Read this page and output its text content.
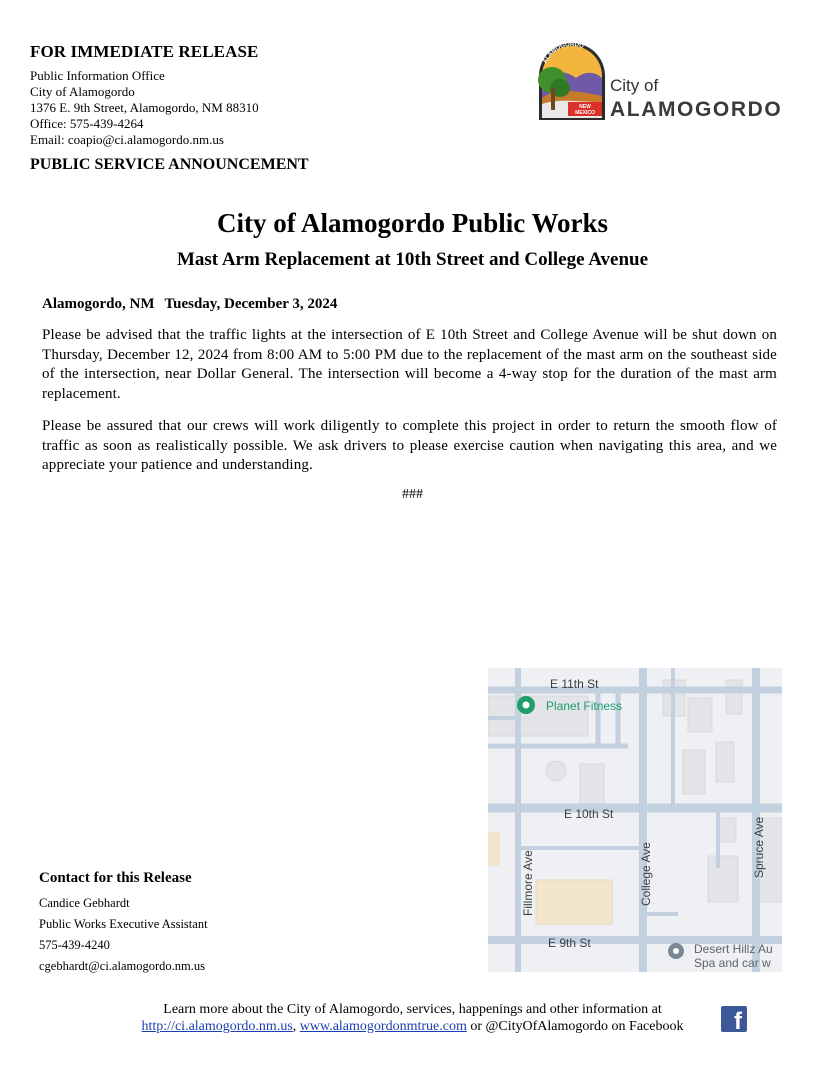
FOR IMMEDIATE RELEASE
Public Information Office
City of Alamogordo
1376 E. 9th Street, Alamogordo, NM 88310
Office: 575-439-4264
Email: coapio@ci.alamogordo.nm.us
PUBLIC SERVICE ANNOUNCEMENT
ALAMOGORDO
NEW
MEXICO
City of
ALAMOGORDO
City of Alamogordo Public Works
Mast Arm Replacement at 10th Street and College Avenue
Alamogordo, NM Tuesday, December 3, 2024
Please be advised that the traffic lights at the intersection of E 10th Street and College Avenue will be shut down on Thursday, December 12, 2024 from 8:00 AM to 5:00 PM due to the replacement of the mast arm on the southeast side of the intersection, near Dollar General. The intersection will become a 4-way stop for the duration of the mast arm replacement.
Please be assured that our crews will work diligently to complete this project in order to return the smooth flow of traffic as soon as realistically possible. We ask drivers to please exercise caution when navigating this area, and we appreciate your patience and understanding.
###
Contact for this Release
Candice Gebhardt
Public Works Executive Assistant
575-439-4240
cgebhardt@ci.alamogordo.nm.us
E 11th St
Planet Fitness
E 10th St
Fillmore Ave	College Ave	Spruce Ave
E 9th St	Desert Hillz Au
Spa and car w
Learn more about the City of Alamogordo, services, happenings and other information at
http://ci.alamogordo.nm.us, www.alamogordonmtrue.com or @CityOfAlamogordo on Facebook	f
